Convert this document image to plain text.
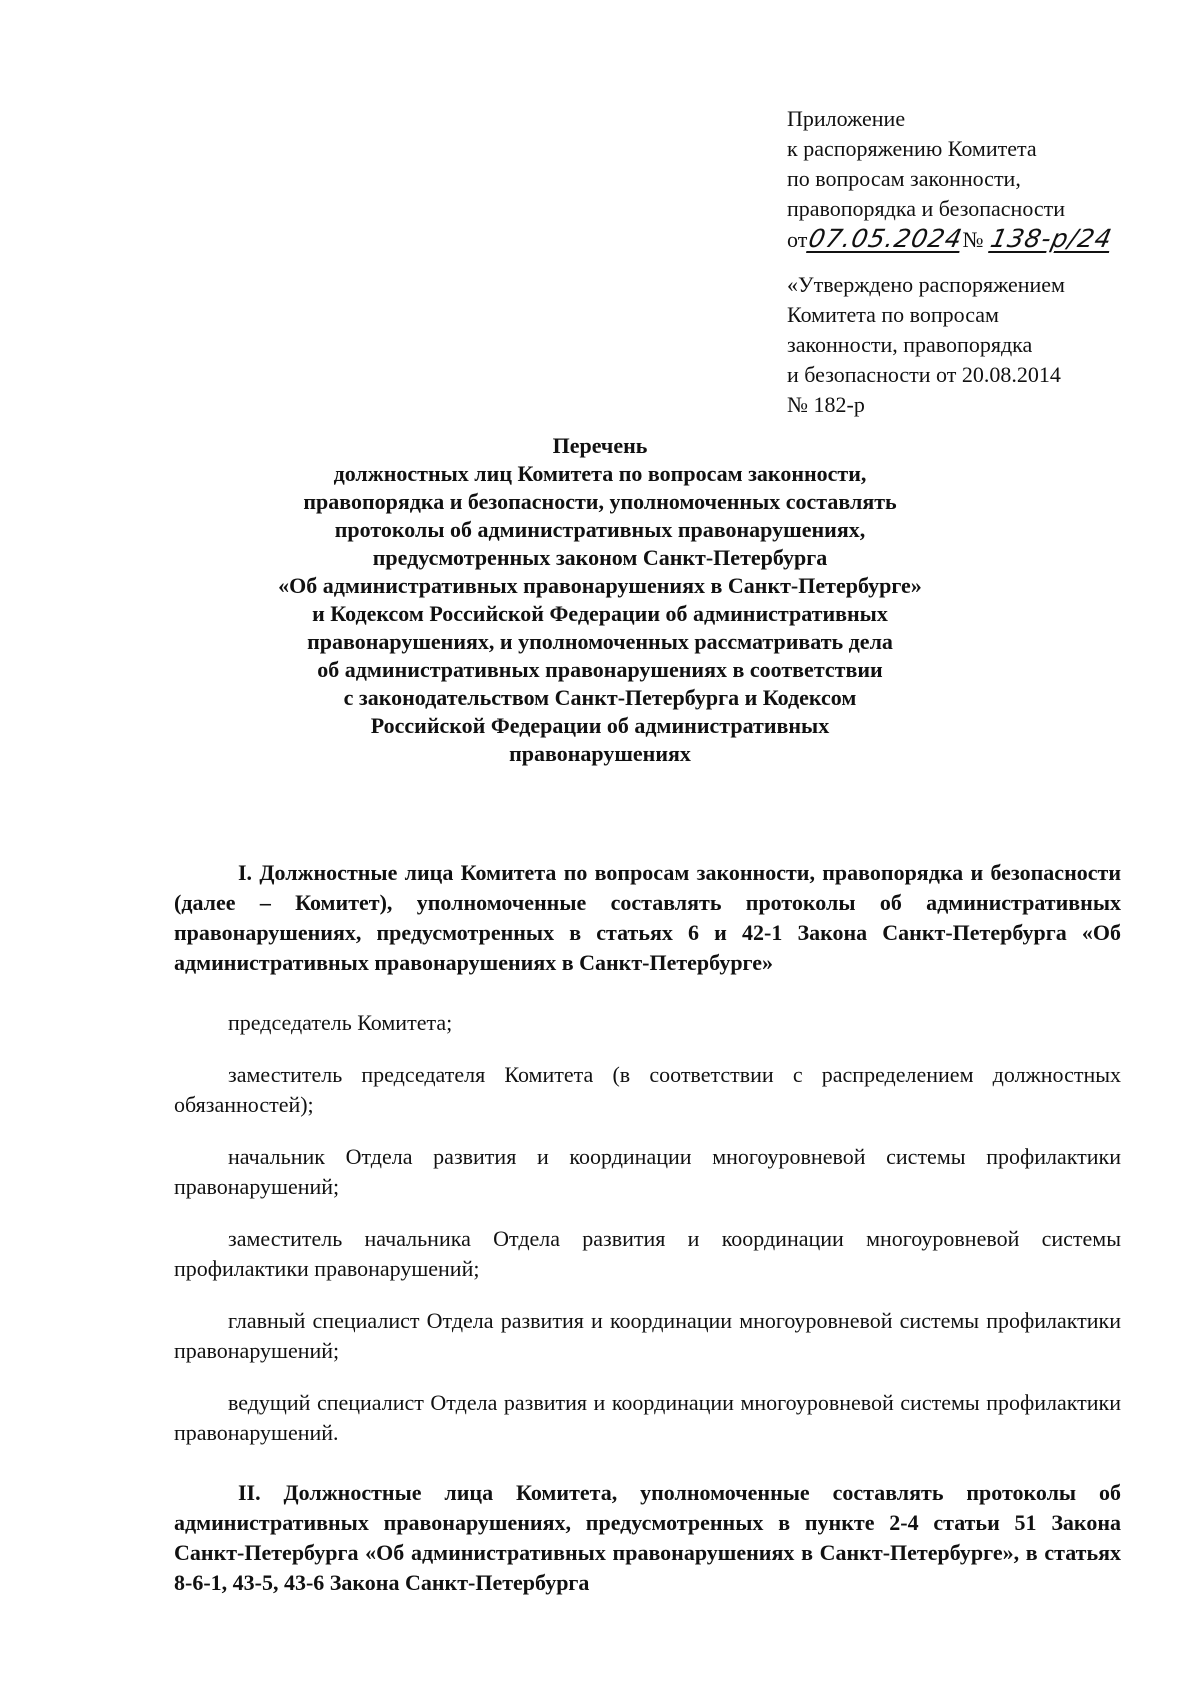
Приложение
к распоряжению Комитета
по вопросам законности,
правопорядка и безопасности
от07.05.2024№ 138-р/24
«Утверждено распоряжением
Комитета по вопросам
законности, правопорядка
и безопасности от 20.08.2014
№ 182-р
Перечень
должностных лиц Комитета по вопросам законности,
правопорядка и безопасности, уполномоченных составлять
протоколы об административных правонарушениях,
предусмотренных законом Санкт-Петербурга
«Об административных правонарушениях в Санкт-Петербурге»
и Кодексом Российской Федерации об административных
правонарушениях, и уполномоченных рассматривать дела
об административных правонарушениях в соответствии
с законодательством Санкт-Петербурга и Кодексом
Российской Федерации об административных
правонарушениях

I. Должностные лица Комитета по вопросам законности, правопорядка и безопасности (далее – Комитет), уполномоченные составлять протоколы об административных правонарушениях, предусмотренных в статьях 6 и 42-1 Закона Санкт-Петербурга «Об административных правонарушениях в Санкт-Петербурге»

председатель Комитета;

заместитель председателя Комитета (в соответствии с распределением должностных обязанностей);

начальник Отдела развития и координации многоуровневой системы профилактики правонарушений;

заместитель начальника Отдела развития и координации многоуровневой системы профилактики правонарушений;

главный специалист Отдела развития и координации многоуровневой системы профилактики правонарушений;

ведущий специалист Отдела развития и координации многоуровневой системы профилактики правонарушений.

II. Должностные лица Комитета, уполномоченные составлять протоколы об административных правонарушениях, предусмотренных в пункте 2-4 статьи 51 Закона Санкт-Петербурга «Об административных правонарушениях в Санкт-Петербурге», в статьях 8-6-1, 43-5, 43-6 Закона Санкт-Петербурга
